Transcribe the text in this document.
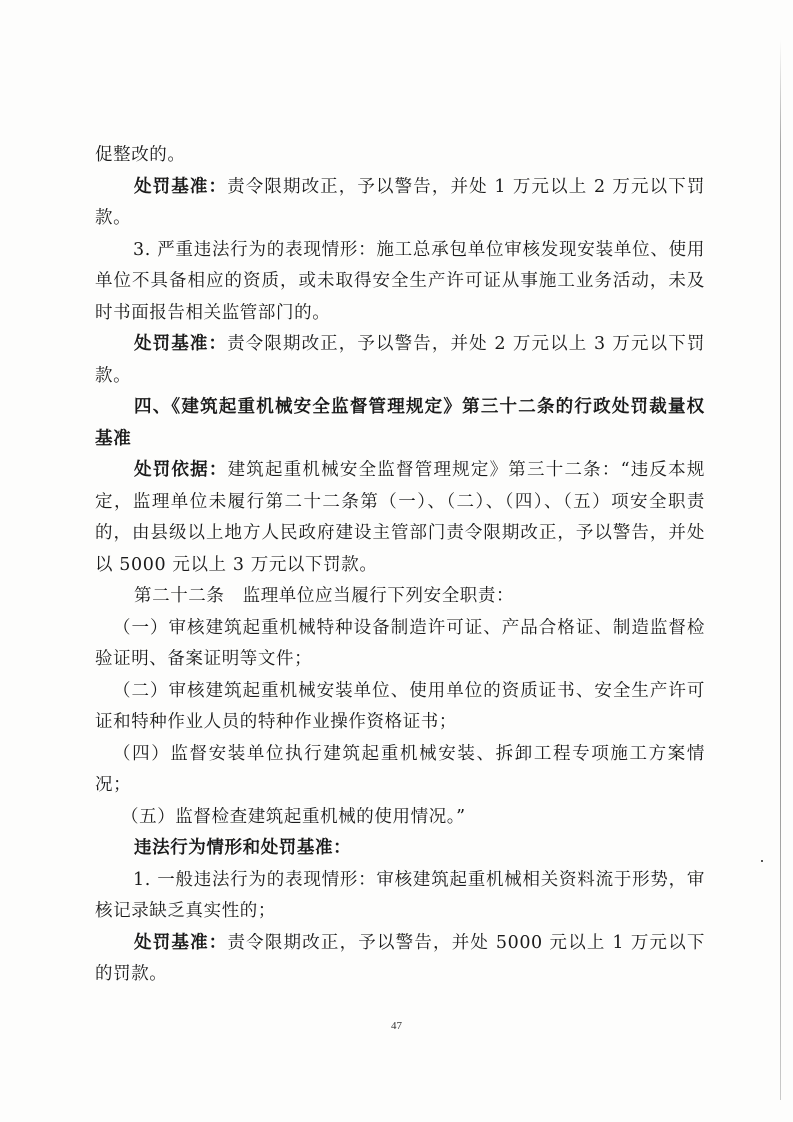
促整改的。

处罚基准：责令限期改正，予以警告，并处 1 万元以上 2 万元以下罚款。

3. 严重违法行为的表现情形：施工总承包单位审核发现安装单位、使用单位不具备相应的资质，或未取得安全生产许可证从事施工业务活动，未及时书面报告相关监管部门的。

处罚基准：责令限期改正，予以警告，并处 2 万元以上 3 万元以下罚款。

四、《建筑起重机械安全监督管理规定》第三十二条的行政处罚裁量权基准

处罚依据：建筑起重机械安全监督管理规定》第三十二条：“违反本规定，监理单位未履行第二十二条第（一）、（二）、（四）、（五）项安全职责的，由县级以上地方人民政府建设主管部门责令限期改正，予以警告，并处以 5000 元以上 3 万元以下罚款。

第二十二条　监理单位应当履行下列安全职责：

（一）审核建筑起重机械特种设备制造许可证、产品合格证、制造监督检验证明、备案证明等文件；

（二）审核建筑起重机械安装单位、使用单位的资质证书、安全生产许可证和特种作业人员的特种作业操作资格证书；

（四）监督安装单位执行建筑起重机械安装、拆卸工程专项施工方案情况；

（五）监督检查建筑起重机械的使用情况。”

违法行为情形和处罚基准：

1. 一般违法行为的表现情形：审核建筑起重机械相关资料流于形势，审核记录缺乏真实性的；

处罚基准：责令限期改正，予以警告，并处 5000 元以上 1 万元以下的罚款。

47
